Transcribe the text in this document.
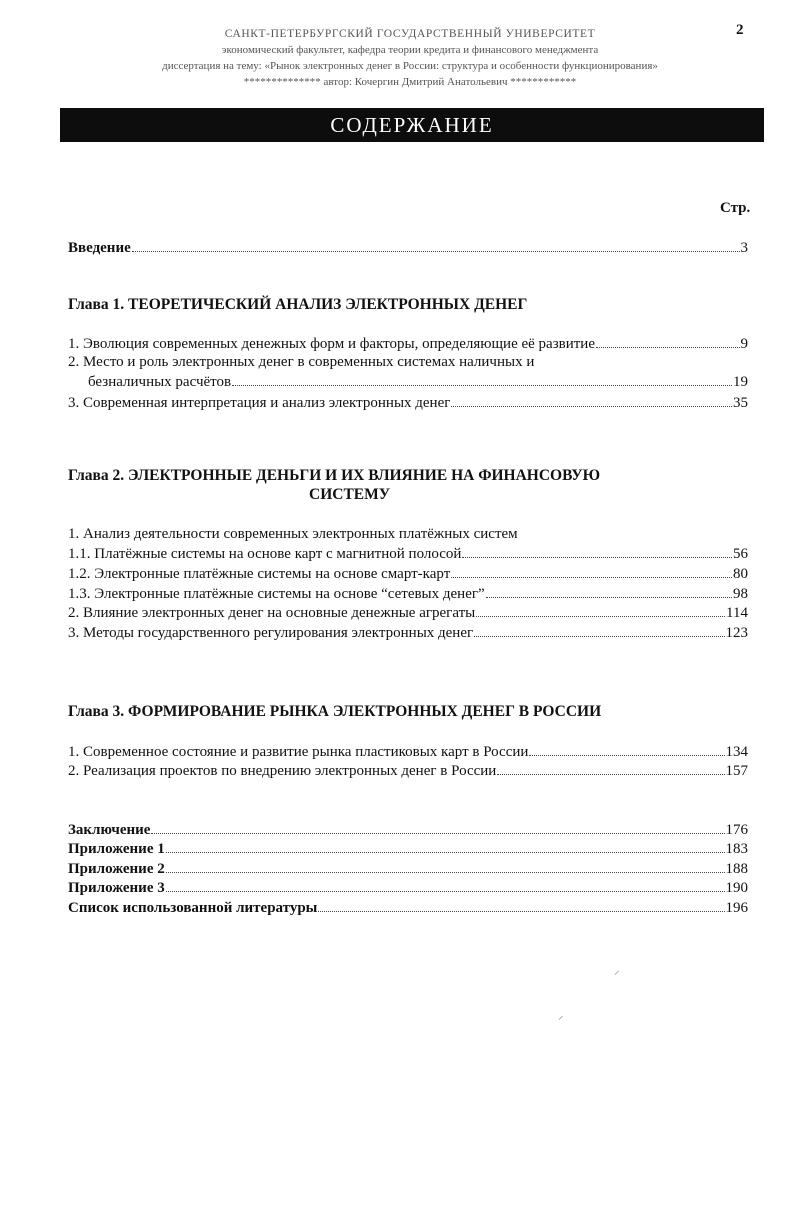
2
САНКТ-ПЕТЕРБУРГСКИЙ ГОСУДАРСТВЕННЫЙ УНИВЕРСИТЕТ
экономический факультет, кафедра теории кредита и финансового менеджмента
диссертация на тему: «Рынок электронных денег в России: структура и особенности функционирования»
************** автор: Кочергин Дмитрий Анатольевич ************
СОДЕРЖАНИЕ
Стр.
Введение	3
Глава 1. ТЕОРЕТИЧЕСКИЙ АНАЛИЗ ЭЛЕКТРОННЫХ ДЕНЕГ
1. Эволюция современных денежных форм и факторы, определяющие её развитие	9
2. Место и роль электронных денег в современных системах наличных и
безналичных расчётов	19
3. Современная интерпретация и анализ электронных денег	35
Глава 2. ЭЛЕКТРОННЫЕ ДЕНЬГИ И ИХ ВЛИЯНИЕ НА ФИНАНСОВУЮ
СИСТЕМУ
1. Анализ деятельности современных электронных платёжных систем
1.1. Платёжные системы на основе карт с магнитной полосой	56
1.2. Электронные платёжные системы на основе смарт-карт	80
1.3. Электронные платёжные системы на основе “сетевых денег”	98
2. Влияние электронных денег на основные денежные агрегаты	114
3. Методы государственного регулирования электронных денег	123
Глава 3. ФОРМИРОВАНИЕ РЫНКА ЭЛЕКТРОННЫХ ДЕНЕГ В РОССИИ
1. Современное состояние и развитие рынка пластиковых карт в России	134
2. Реализация проектов по внедрению электронных денег в России	157
Заключение	176
Приложение 1	183
Приложение 2	188
Приложение 3	190
Список использованной литературы	196
⸝
⸝
